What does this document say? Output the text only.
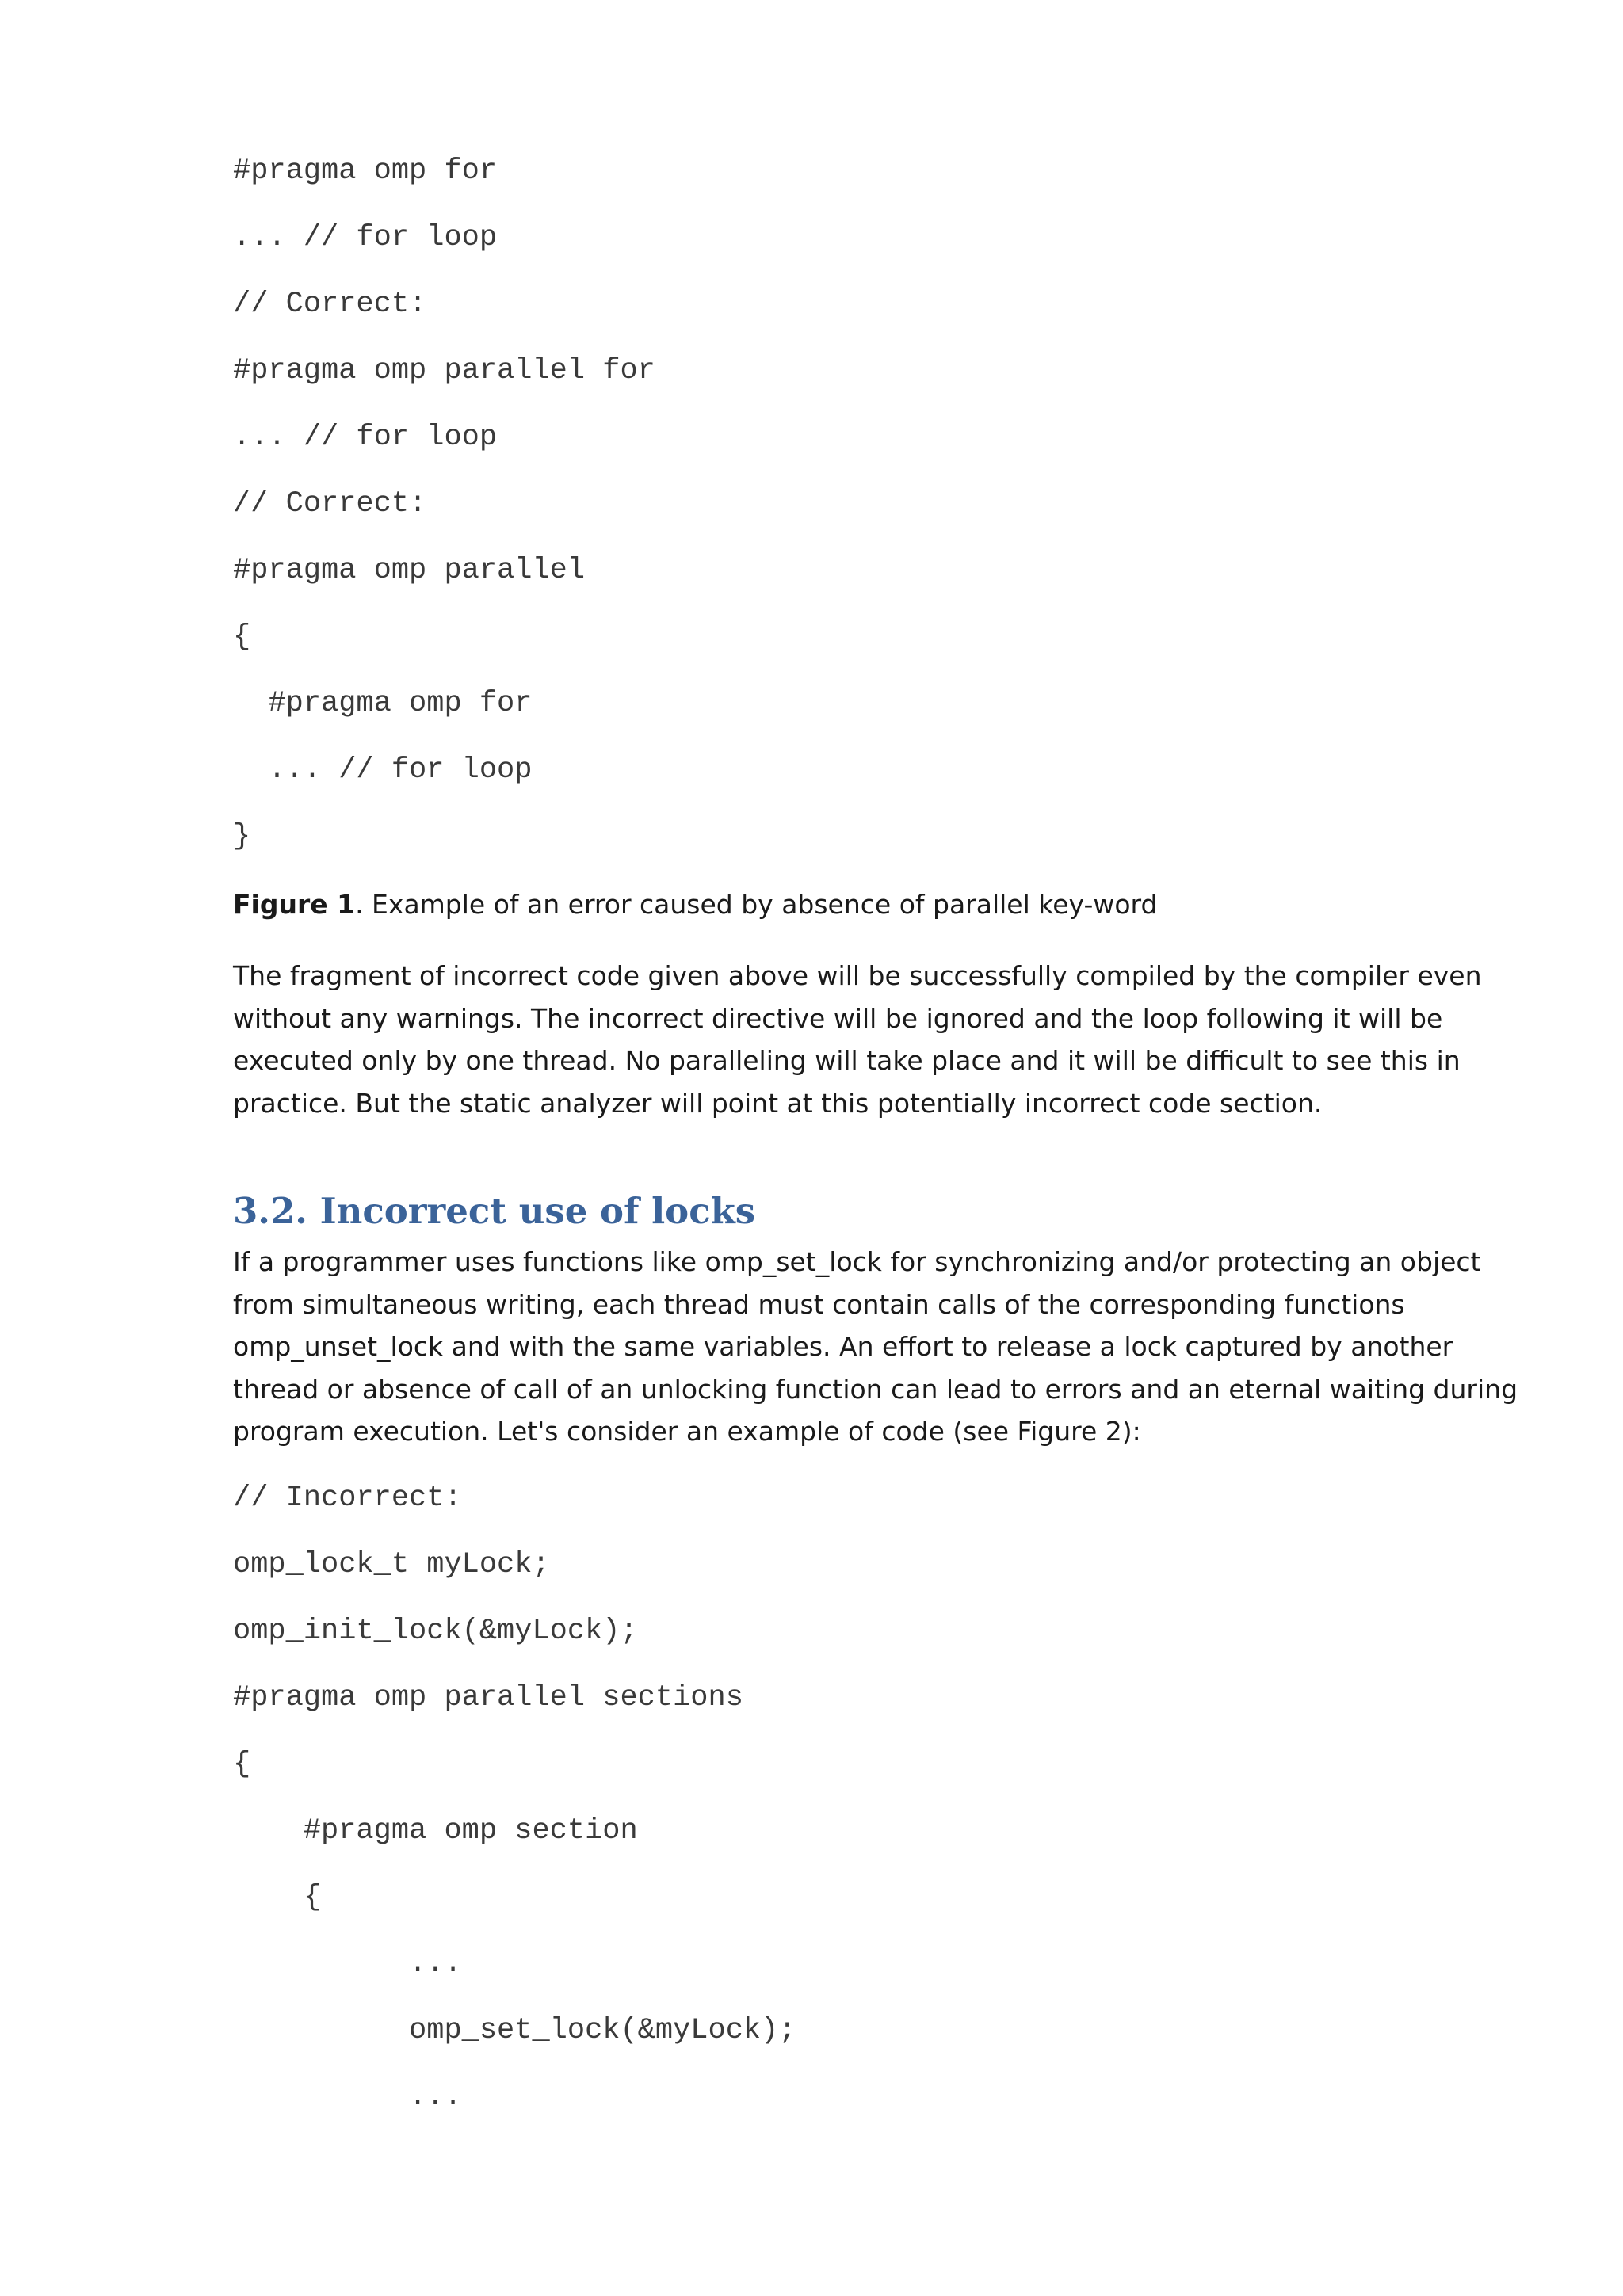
#pragma omp for
... // for loop
// Correct:
#pragma omp parallel for
... // for loop
// Correct:
#pragma omp parallel
{
#pragma omp for
... // for loop
}

Figure 1. Example of an error caused by absence of parallel key-word

The fragment of incorrect code given above will be successfully compiled by the compiler even without any warnings. The incorrect directive will be ignored and the loop following it will be executed only by one thread. No paralleling will take place and it will be difficult to see this in practice. But the static analyzer will point at this potentially incorrect code section.

3.2. Incorrect use of locks

If a programmer uses functions like omp_set_lock for synchronizing and/or protecting an object from simultaneous writing, each thread must contain calls of the corresponding functions omp_unset_lock and with the same variables. An effort to release a lock captured by another thread or absence of call of an unlocking function can lead to errors and an eternal waiting during program execution. Let's consider an example of code (see Figure 2):

// Incorrect:
omp_lock_t myLock;
omp_init_lock(&myLock);
#pragma omp parallel sections
{
#pragma omp section
{
...
omp_set_lock(&myLock);
...
